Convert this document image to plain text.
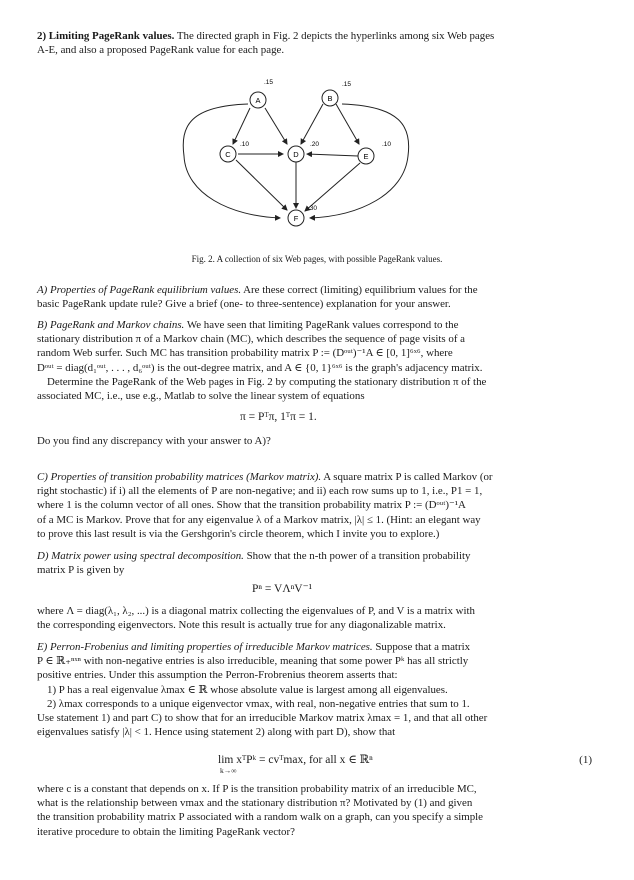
2) Limiting PageRank values. The directed graph in Fig. 2 depicts the hyperlinks among six Web pages
A-E, and also a proposed PageRank value for each page.
A
.15
B
.15
C
.10
D
.20
E
.10
F
.30
Fig. 2. A collection of six Web pages, with possible PageRank values.
A) Properties of PageRank equilibrium values. Are these correct (limiting) equilibrium values for the
basic PageRank update rule? Give a brief (one- to three-sentence) explanation for your answer.
B) PageRank and Markov chains. We have seen that limiting PageRank values correspond to the
stationary distribution π of a Markov chain (MC), which describes the sequence of page visits of a
random Web surfer. Such MC has transition probability matrix P := (Dᵒᵘᵗ)⁻¹A ∈ [0, 1]⁶ˣ⁶, where
Dᵒᵘᵗ = diag(d₁ᵒᵘᵗ, . . . , d₆ᵒᵘᵗ) is the out-degree matrix, and A ∈ {0, 1}⁶ˣ⁶ is the graph's adjacency matrix.
Determine the PageRank of the Web pages in Fig. 2 by computing the stationary distribution π of the
associated MC, i.e., use e.g., Matlab to solve the linear system of equations
π = Pᵀπ, 1ᵀπ = 1.
Do you find any discrepancy with your answer to A)?
C) Properties of transition probability matrices (Markov matrix). A square matrix P is called Markov (or
right stochastic) if i) all the elements of P are non-negative; and ii) each row sums up to 1, i.e., P1 = 1,
where 1 is the column vector of all ones. Show that the transition probability matrix P := (Dᵒᵘᵗ)⁻¹A
of a MC is Markov. Prove that for any eigenvalue λ of a Markov matrix, |λ| ≤ 1. (Hint: an elegant way
to prove this last result is via the Gershgorin's circle theorem, which I invite you to explore.)
D) Matrix power using spectral decomposition. Show that the n-th power of a transition probability
matrix P is given by
Pⁿ = VΛⁿV⁻¹
where Λ = diag(λ₁, λ₂, ...) is a diagonal matrix collecting the eigenvalues of P, and V is a matrix with
the corresponding eigenvectors. Note this result is actually true for any diagonalizable matrix.
E) Perron-Frobenius and limiting properties of irreducible Markov matrices. Suppose that a matrix
P ∈ ℝ₊ⁿˣⁿ with non-negative entries is also irreducible, meaning that some power Pᵏ has all strictly
positive entries. Under this assumption the Perron-Frobrenius theorem asserts that:
1) P has a real eigenvalue λmax ∈ ℝ whose absolute value is largest among all eigenvalues.
2) λmax corresponds to a unique eigenvector vmax, with real, non-negative entries that sum to 1.
Use statement 1) and part C) to show that for an irreducible Markov matrix λmax = 1, and that all other
eigenvalues satisfy |λ| < 1. Hence using statement 2) along with part D), show that
lim xᵀPᵏ = cvᵀmax, for all x ∈ ℝⁿ
k→∞
(1)
where c is a constant that depends on x. If P is the transition probability matrix of an irreducible MC,
what is the relationship between vmax and the stationary distribution π? Motivated by (1) and given
the transition probability matrix P associated with a random walk on a graph, can you specify a simple
iterative procedure to obtain the limiting PageRank vector?
